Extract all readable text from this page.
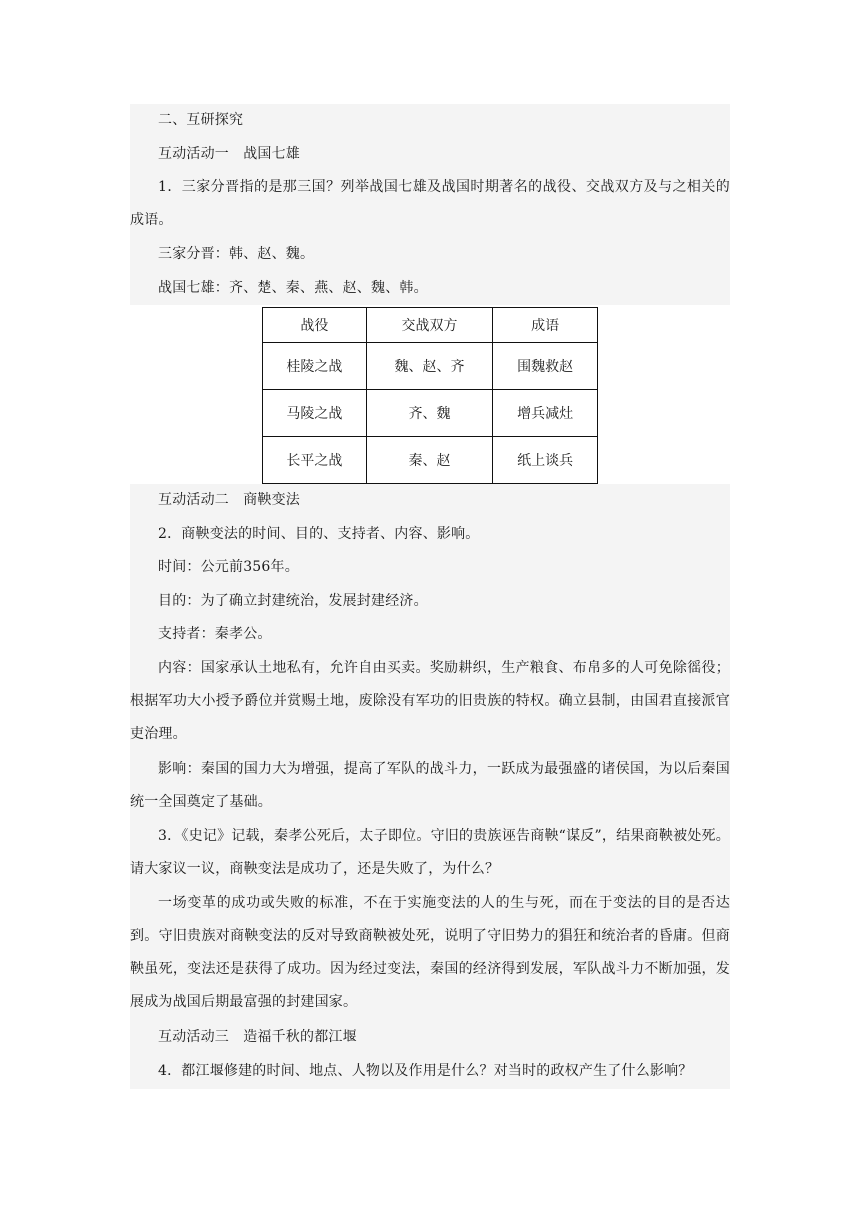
二、互研探究
互动活动一　战国七雄
1．三家分晋指的是那三国？列举战国七雄及战国时期著名的战役、交战双方及与之相关的成语。
三家分晋：韩、赵、魏。
战国七雄：齐、楚、秦、燕、赵、魏、韩。
战役	交战双方	成语
桂陵之战	魏、赵、齐	围魏救赵
马陵之战	齐、魏	增兵减灶
长平之战	秦、赵	纸上谈兵
互动活动二　商鞅变法
2．商鞅变法的时间、目的、支持者、内容、影响。
时间：公元前356年。
目的：为了确立封建统治，发展封建经济。
支持者：秦孝公。
内容：国家承认土地私有，允许自由买卖。奖励耕织，生产粮食、布帛多的人可免除徭役；根据军功大小授予爵位并赏赐土地，废除没有军功的旧贵族的特权。确立县制，由国君直接派官吏治理。
影响：秦国的国力大为增强，提高了军队的战斗力，一跃成为最强盛的诸侯国，为以后秦国统一全国奠定了基础。
3．《史记》记载，秦孝公死后，太子即位。守旧的贵族诬告商鞅“谋反”，结果商鞅被处死。请大家议一议，商鞅变法是成功了，还是失败了，为什么？
一场变革的成功或失败的标准，不在于实施变法的人的生与死，而在于变法的目的是否达到。守旧贵族对商鞅变法的反对导致商鞅被处死，说明了守旧势力的猖狂和统治者的昏庸。但商鞅虽死，变法还是获得了成功。因为经过变法，秦国的经济得到发展，军队战斗力不断加强，发展成为战国后期最富强的封建国家。
互动活动三　造福千秋的都江堰
4．都江堰修建的时间、地点、人物以及作用是什么？对当时的政权产生了什么影响？
